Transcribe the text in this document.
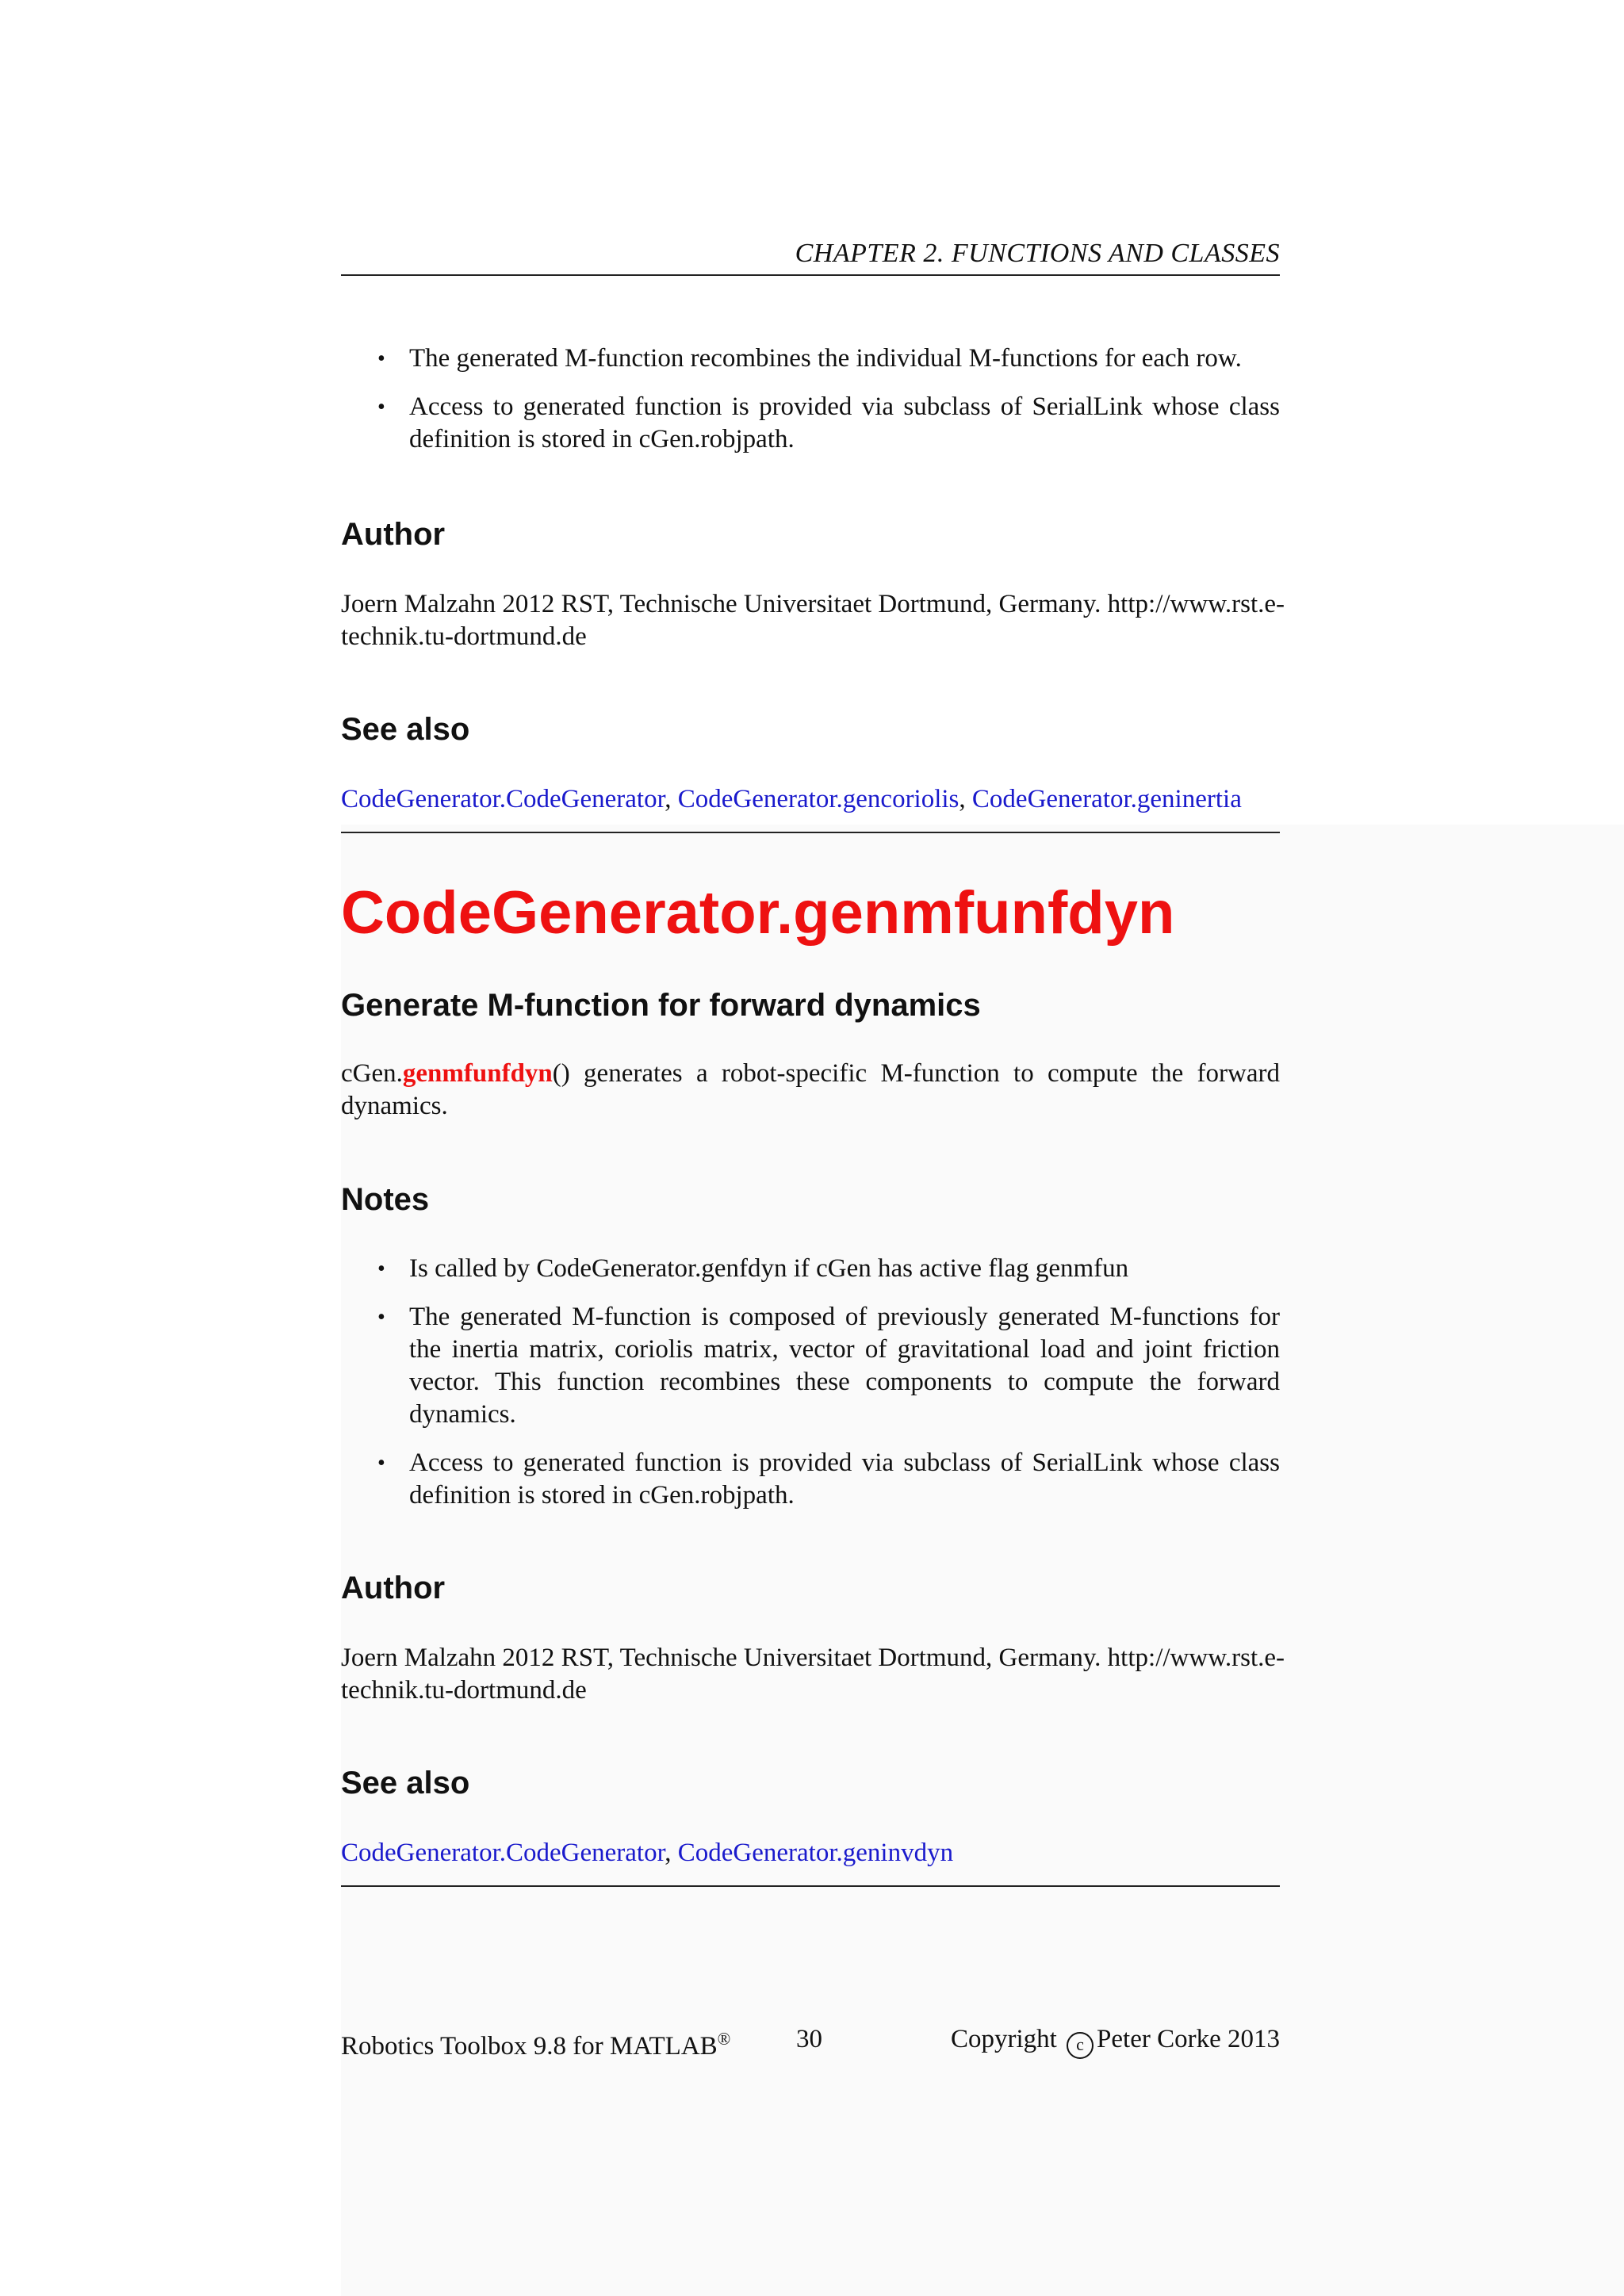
CHAPTER 2. FUNCTIONS AND CLASSES
• The generated M-function recombines the individual M-functions for each row.
• Access to generated function is provided via subclass of SerialLink whose class definition is stored in cGen.robjpath.
Author
Joern Malzahn 2012 RST, Technische Universitaet Dortmund, Germany. http://www.rst.e-
technik.tu-dortmund.de
See also
CodeGenerator.CodeGenerator, CodeGenerator.gencoriolis, CodeGenerator.geninertia
CodeGenerator.genmfunfdyn
Generate M-function for forward dynamics
cGen.genmfunfdyn() generates a robot-specific M-function to compute the forward dynamics.
Notes
• Is called by CodeGenerator.genfdyn if cGen has active flag genmfun
• The generated M-function is composed of previously generated M-functions for the inertia matrix, coriolis matrix, vector of gravitational load and joint friction vector. This function recombines these components to compute the forward dynamics.
• Access to generated function is provided via subclass of SerialLink whose class definition is stored in cGen.robjpath.
Author
Joern Malzahn 2012 RST, Technische Universitaet Dortmund, Germany. http://www.rst.e-
technik.tu-dortmund.de
See also
CodeGenerator.CodeGenerator, CodeGenerator.geninvdyn
Robotics Toolbox 9.8 for MATLAB®	30	Copyright c Peter Corke 2013
